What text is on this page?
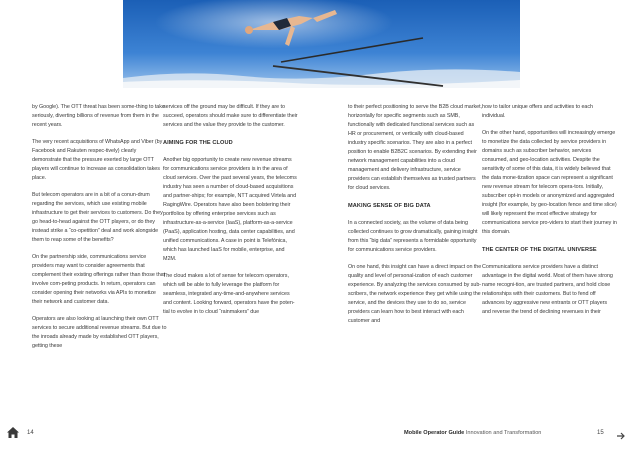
by Google). The OTT threat has been some-thing to take seriously, diverting billions of revenue from them in the recent years.

The very recent acquisitions of WhatsApp and Viber (by Facebook and Rakuten respec-tively) clearly demonstrate that the pressure exerted by large OTT players will continue to increase as consolidation takes place.

But telecom operators are in a bit of a conun-drum regarding the services, which use existing mobile infrastructure to get their services to customers. Do they go head-to-head against the OTT players, or do they instead strike a “co-opetition” deal and work alongside them to reap some of the benefits?

On the partnership side, communications service providers may want to consider agreements that complement their existing offerings rather than those that involve com-peting products. In return, operators can consider opening their networks via APIs to monetize their network and customer data.

Operators are also looking at launching their own OTT services to secure additional revenue streams. But due to the inroads already made by established OTT players, getting these

services off the ground may be difficult. If they are to succeed, operators should make sure to differentiate their services and the value they provide to the customer.

AIMING FOR THE CLOUD

Another big opportunity to create new revenue streams for communications service providers is in the area of cloud services. Over the past several years, the telecoms industry has seen a number of cloud-based acquisitions and partner-ships; for example, NTT acquired Virtela and RagingWire. Operators have also been bolstering their portfolios by offering enterprise services such as infrastructure-as-a-service (IaaS), platform-as-a-service (PaaS), application hosting, data center capabilities, and unified communications. A case in point is Telefónica, which has launched IaaS for mobile, enterprise, and M2M.

The cloud makes a lot of sense for telecom operators, which will be able to fully leverage the platform for seamless, integrated any-time-and-anywhere services and content. Looking forward, operators have the poten-tial to evolve in to cloud “rainmakers” due

to their perfect positioning to serve the B2B cloud market, horizontally for specific segments such as SMB, functionally with dedicated functional services such as HR or procurement, or vertically with cloud-based industry specific scenarios. They are also in a perfect position to enable B2B2C scenarios. By extending their network management capabilities into a cloud management and delivery infrastructure, service providers can establish themselves as trusted partners for cloud services.

MAKING SENSE OF BIG DATA

In a connected society, as the volume of data being collected continues to grow dramatically, gaining insight from this “big data” represents a formidable opportunity for communications service providers.

On one hand, this insight can have a direct impact on the quality and level of personal-ization of each customer experience. By analyzing the services consumed by sub-scribers, the network experience they get while using the service, and the devices they use to do so, service providers can learn how to best interact with each customer and

how to tailor unique offers and activities to each individual.

On the other hand, opportunities will increasingly emerge to monetize the data collected by service providers in domains such as subscriber behavior, services consumed, and geo-location activities. Despite the sensitivity of some of this data, it is widely believed that the data mone-tization space can represent a significant new revenue stream for telecom opera-tors. Initially, subscriber opt-in models or anonymized and aggregated insight (for example, by geo-location fence and time slice) will likely represent the most effective strategy for communications service pro-viders to start their journey in this domain.

THE CENTER OF THE DIGITAL UNIVERSE

Communications service providers have a distinct advantage in the digital world. Most of them have strong name recogni-tion, are trusted partners, and hold close relationships with their customers. But to fend off advances by aggressive new entrants or OTT players and reverse the trend of declining revenues in their

14	Mobile Operator Guide Innovation and Transformation	15
